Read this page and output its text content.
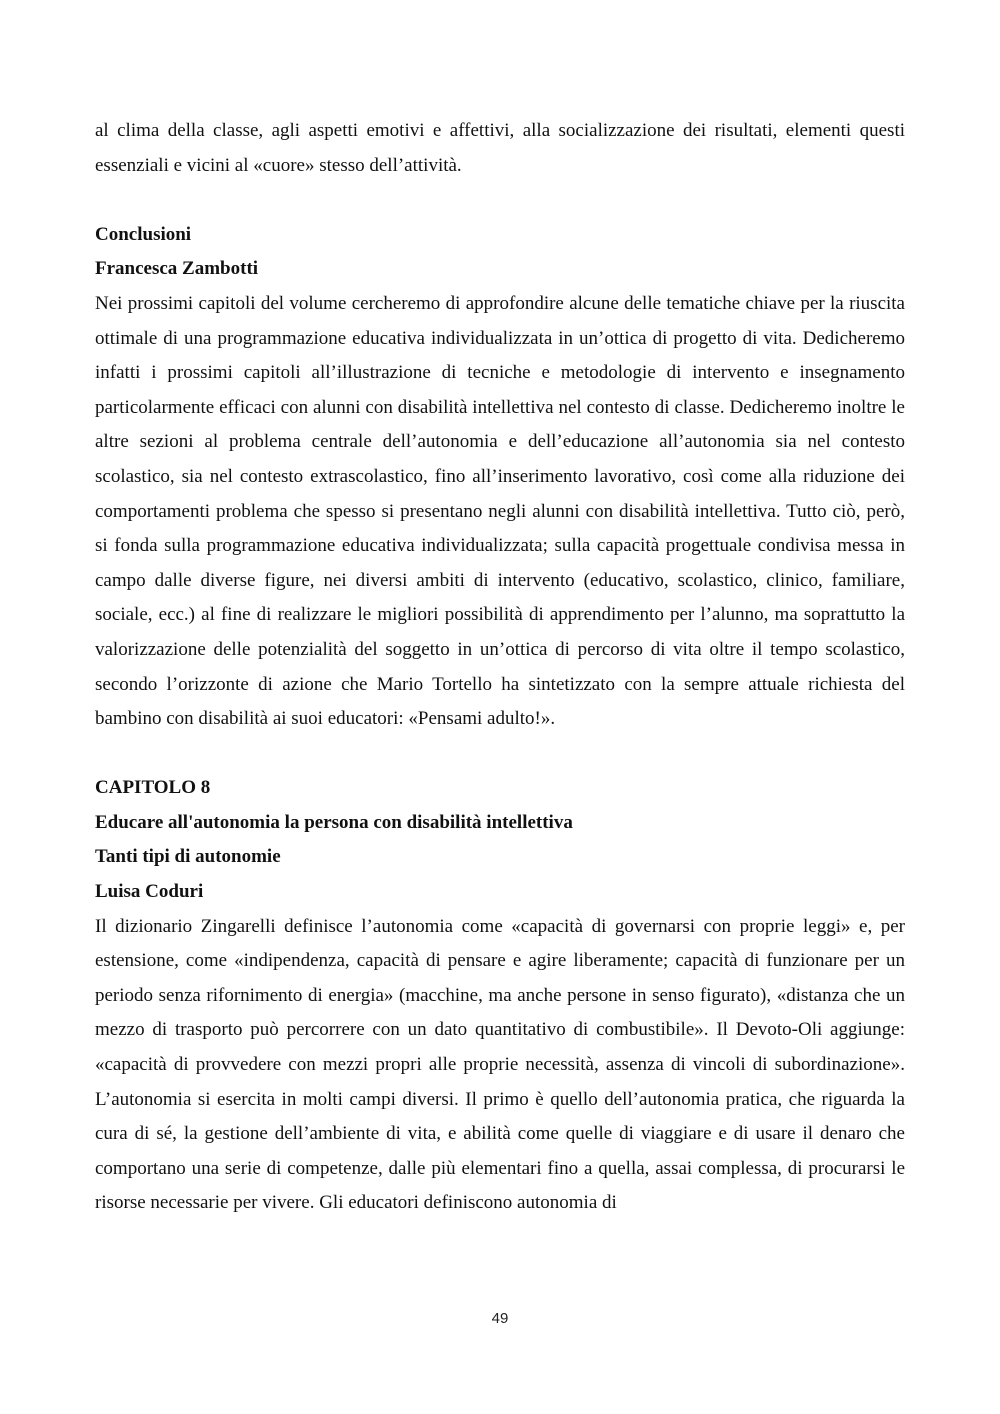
al clima della classe, agli aspetti emotivi e affettivi, alla socializzazione dei risultati, elementi questi essenziali e vicini al «cuore» stesso dell’attività.

Conclusioni
Francesca Zambotti

Nei prossimi capitoli del volume cercheremo di approfondire alcune delle tematiche chiave per la riuscita ottimale di una programmazione educativa individualizzata in un’ottica di progetto di vita. Dedicheremo infatti i prossimi capitoli all’illustrazione di tecniche e metodologie di intervento e insegnamento particolarmente efficaci con alunni con disabilità intellettiva nel contesto di classe. Dedicheremo inoltre le altre sezioni al problema centrale dell’autonomia e dell’educazione all’autonomia sia nel contesto scolastico, sia nel contesto extrascolastico, fino all’inserimento lavorativo, così come alla riduzione dei comportamenti problema che spesso si presentano negli alunni con disabilità intellettiva. Tutto ciò, però, si fonda sulla programmazione educativa individualizzata; sulla capacità progettuale condivisa messa in campo dalle diverse figure, nei diversi ambiti di intervento (educativo, scolastico, clinico, familiare, sociale, ecc.) al fine di realizzare le migliori possibilità di apprendimento per l’alunno, ma soprattutto la valorizzazione delle potenzialità del soggetto in un’ottica di percorso di vita oltre il tempo scolastico, secondo l’orizzonte di azione che Mario Tortello ha sintetizzato con la sempre attuale richiesta del bambino con disabilità ai suoi educatori: «Pensami adulto!».

CAPITOLO 8
Educare all'autonomia la persona con disabilità intellettiva
Tanti tipi di autonomie
Luisa Coduri

Il dizionario Zingarelli definisce l’autonomia come «capacità di governarsi con proprie leggi» e, per estensione, come «indipendenza, capacità di pensare e agire liberamente; capacità di funzionare per un periodo senza rifornimento di energia» (macchine, ma anche persone in senso figurato), «distanza che un mezzo di trasporto può percorrere con un dato quantitativo di combustibile». Il Devoto-Oli aggiunge: «capacità di provvedere con mezzi propri alle proprie necessità, assenza di vincoli di subordinazione». L’autonomia si esercita in molti campi diversi. Il primo è quello dell’autonomia pratica, che riguarda la cura di sé, la gestione dell’ambiente di vita, e abilità come quelle di viaggiare e di usare il denaro che comportano una serie di competenze, dalle più elementari fino a quella, assai complessa, di procurarsi le risorse necessarie per vivere. Gli educatori definiscono autonomia di

49
